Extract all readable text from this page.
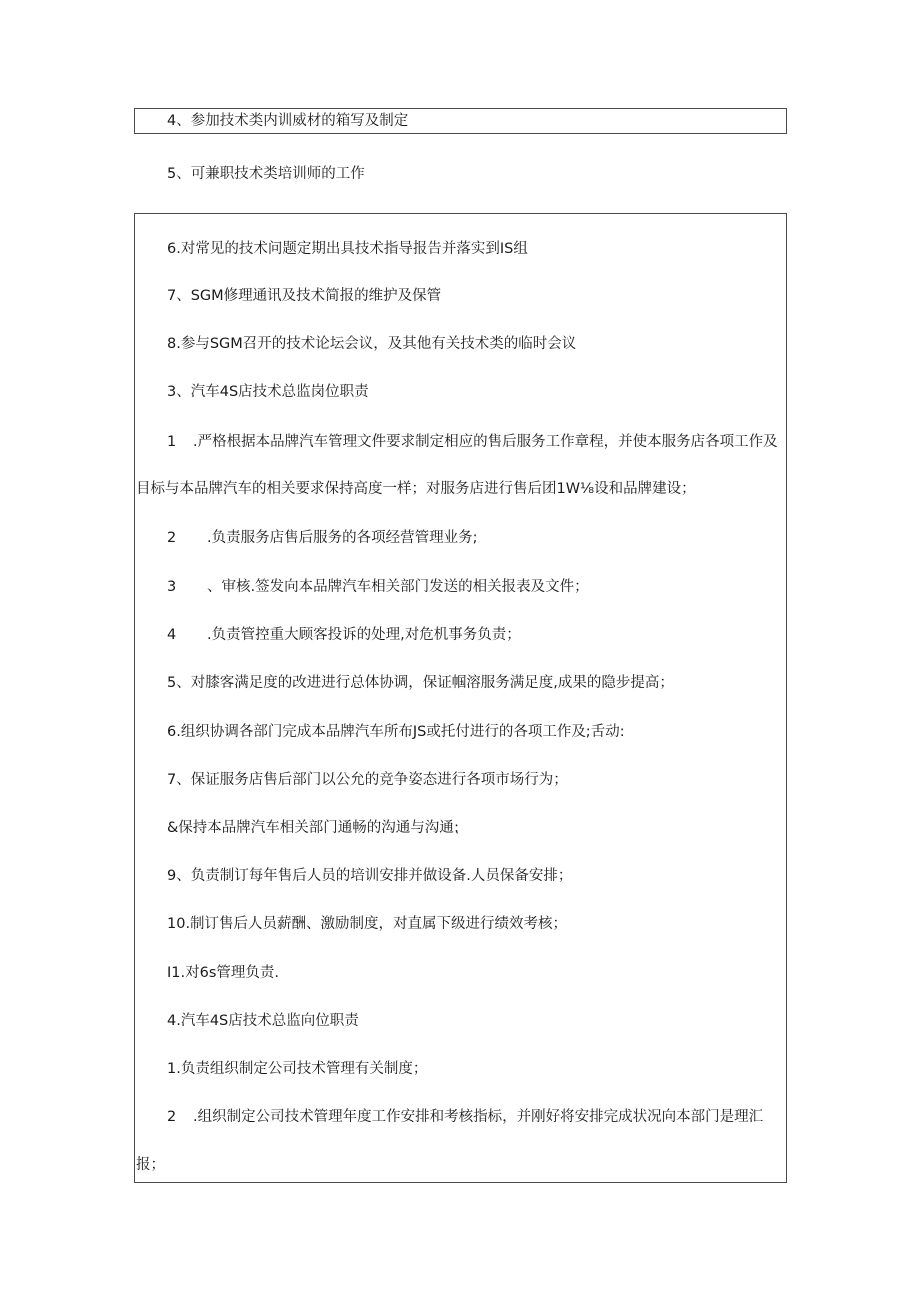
4、参加技术类内训威材的箱写及制定
5、可兼职技术类培训师的工作
6.对常见的技术问题定期出具技术指导报告并落实到IS组
7、SGM修理通讯及技术简报的维护及保管
8.参与SGM召开的技术论坛会议，及其他有关技术类的临时会议
3、汽车4S店技术总监岗位职责
1 .严格根据本品牌汽车管理文件要求制定相应的售后服务工作章程，并使本服务店各项工作及
目标与本品牌汽车的相关要求保持高度一样；对服务店进行售后团1W⅛设和品牌建设；
2 .负责服务店售后服务的各项经营管理业务;
3 、审核.签发向本品牌汽车相关部门发送的相关报表及文件；
4 .负责管控重大顾客投诉的处理,对危机事务负责；
5、对膝客满足度的改进进行总体协调，保证帼溶服务满足度,成果的隐步提高；
6.组织协调各部门完成本品牌汽车所布JS或托付进行的各项工作及;舌动:
7、保证服务店售后部门以公允的竞争姿态进行各项市场行为；
&保持本品牌汽车相关部门通畅的沟通与沟通⁏
9、负责制订每年售后人员的培训安排并做设备.人员保备安排；
10.制订售后人员薪酬、激励制度，对直属下级进行绩效考核；
I1.对6s管理负责.
4.汽车4S店技术总监向位职责
1.负责组织制定公司技术管理有关制度；
2 .组织制定公司技术管理年度工作安排和考核指标，并刚好将安排完成状况向本部门是理汇
报；
